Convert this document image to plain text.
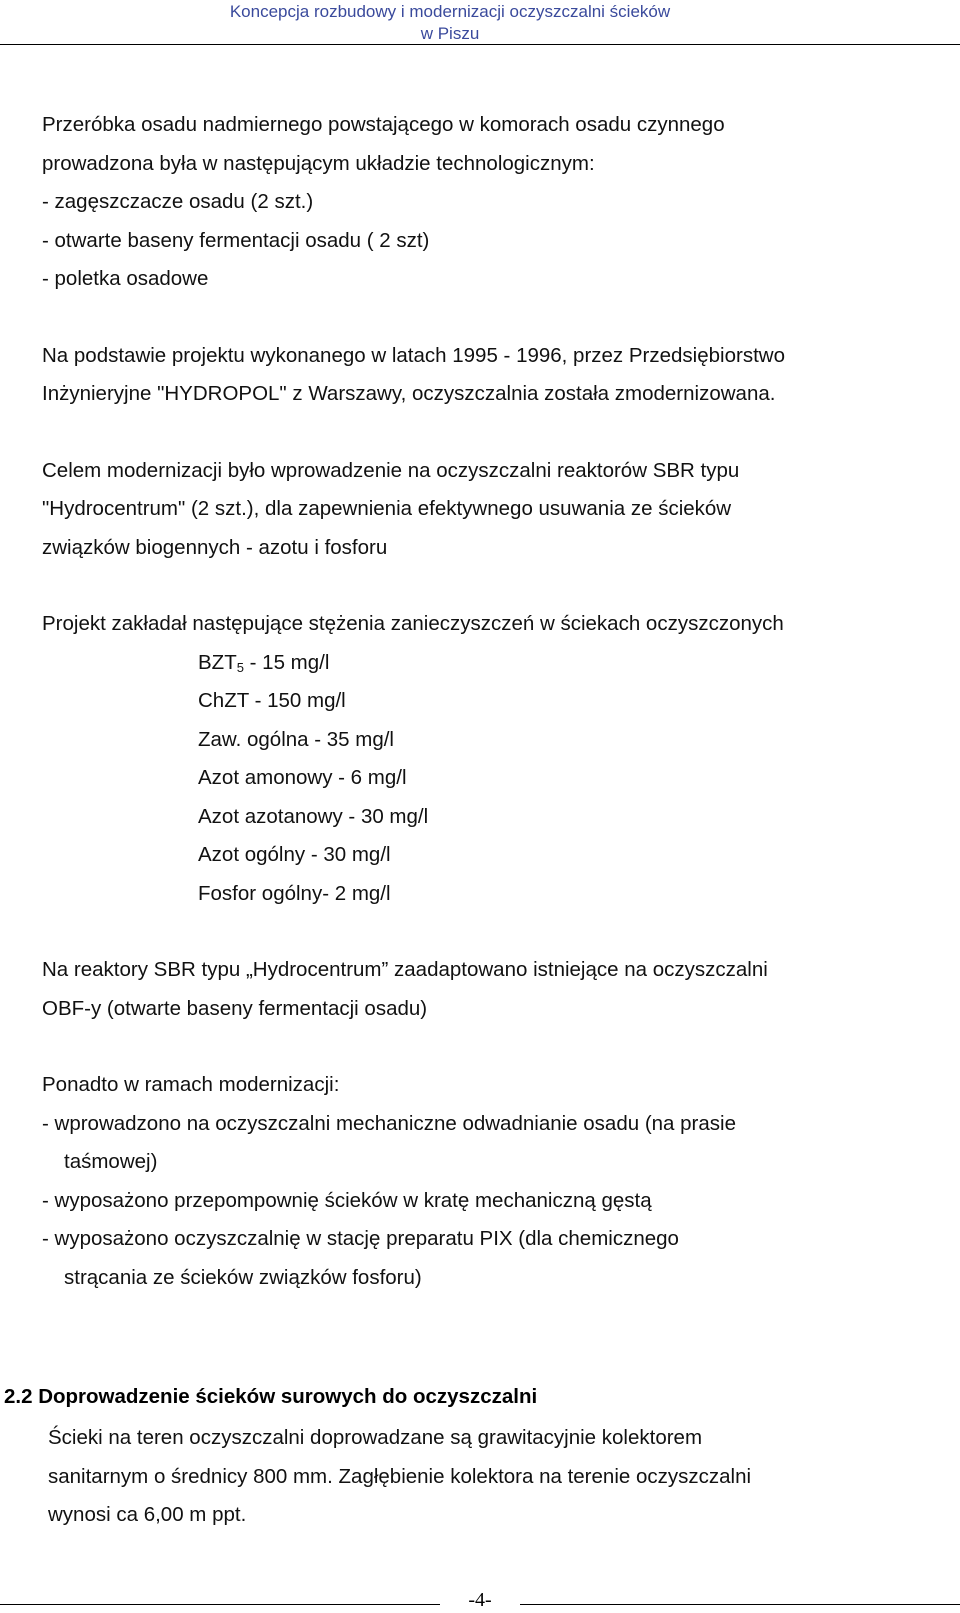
Koncepcja rozbudowy i modernizacji oczyszczalni ścieków
w Piszu
Przeróbka osadu nadmiernego powstającego w komorach osadu czynnego
prowadzona była w następującym układzie technologicznym:
- zagęszczacze osadu (2 szt.)
- otwarte baseny fermentacji osadu ( 2 szt)
- poletka osadowe
Na podstawie projektu wykonanego w latach 1995 - 1996, przez Przedsiębiorstwo
Inżynieryjne "HYDROPOL" z Warszawy, oczyszczalnia została zmodernizowana.
Celem modernizacji było wprowadzenie na oczyszczalni reaktorów SBR typu
"Hydrocentrum" (2 szt.), dla zapewnienia efektywnego usuwania ze ścieków
związków biogennych - azotu i fosforu
Projekt zakładał następujące stężenia zanieczyszczeń w ściekach oczyszczonych
$BZT_5 - 15$ mg/l
ChZT - 150 mg/l
Zaw. ogólna - 35 mg/l
Azot amonowy - 6 mg/l
Azot azotanowy - 30 mg/l
Azot ogólny - 30 mg/l
Fosfor ogólny- 2 mg/l
Na reaktory SBR typu „Hydrocentrum” zaadaptowano istniejące na oczyszczalni
OBF-y (otwarte baseny fermentacji osadu)
Ponadto w ramach modernizacji:
- wprowadzono na oczyszczalni mechaniczne odwadnianie osadu (na prasie
taśmowej)
- wyposażono przepompownię ścieków w kratę mechaniczną gęstą
- wyposażono oczyszczalnię w stację preparatu PIX (dla chemicznego
strącania ze ścieków związków fosforu)
2.2 Doprowadzenie ścieków surowych do oczyszczalni
Ścieki na teren oczyszczalni doprowadzane są grawitacyjnie kolektorem
sanitarnym o średnicy 800 mm. Zagłębienie kolektora na terenie oczyszczalni
wynosi ca 6,00 m ppt.
-4-
